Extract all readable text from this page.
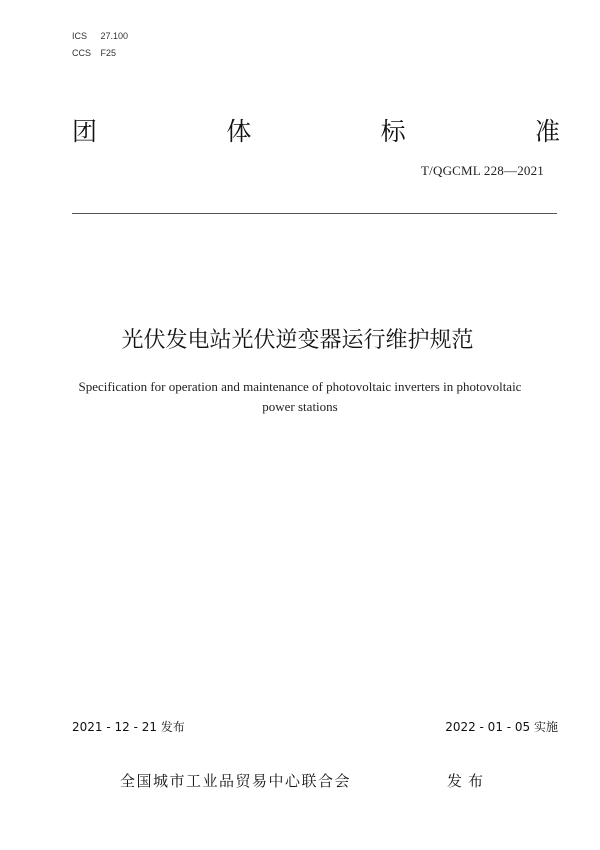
ICS 27.100
CCS F25
团	体	标	准
T/QGCML 228—2021
光伏发电站光伏逆变器运行维护规范
Specification for operation and maintenance of photovoltaic inverters in photovoltaic
power stations
2021 - 12 - 21 发布	2022 - 01 - 05 实施
全国城市工业品贸易中心联合会	发布
